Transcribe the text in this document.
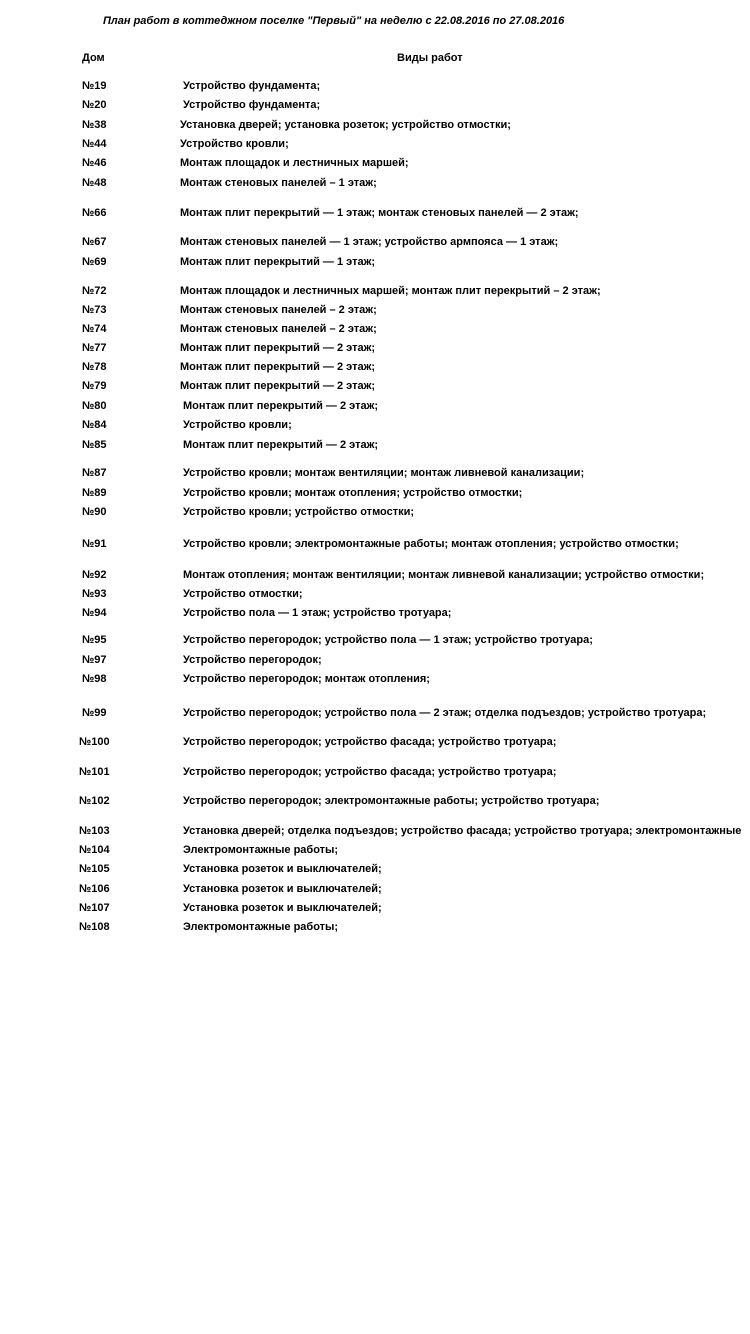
План работ в коттеджном поселке "Первый" на неделю с 22.08.2016 по 27.08.2016
Дом	Виды работ
№19	Устройство фундамента;
№20	Устройство фундамента;
№38	Установка дверей; установка розеток; устройство отмостки;
№44	Устройство кровли;
№46	Монтаж площадок и лестничных маршей;
№48	Монтаж стеновых панелей – 1 этаж;
№66	Монтаж плит перекрытий — 1 этаж; монтаж стеновых панелей — 2 этаж;
№67	Монтаж стеновых панелей — 1 этаж; устройство армпояса — 1 этаж;
№69	Монтаж плит перекрытий — 1 этаж;
№72	Монтаж площадок и лестничных маршей; монтаж плит перекрытий – 2 этаж;
№73	Монтаж стеновых панелей – 2 этаж;
№74	Монтаж стеновых панелей – 2 этаж;
№77	Монтаж плит перекрытий — 2 этаж;
№78	Монтаж плит перекрытий — 2 этаж;
№79	Монтаж плит перекрытий — 2 этаж;
№80	Монтаж плит перекрытий — 2 этаж;
№84	Устройство кровли;
№85	Монтаж плит перекрытий — 2 этаж;
№87	Устройство кровли; монтаж вентиляции; монтаж ливневой канализации;
№89	Устройство кровли; монтаж отопления; устройство отмостки;
№90	Устройство кровли; устройство отмостки;
№91	Устройство кровли; электромонтажные работы; монтаж отопления; устройство отмостки;
№92	Монтаж отопления; монтаж вентиляции; монтаж ливневой канализации; устройство отмостки;
№93	Устройство отмостки;
№94	Устройство пола — 1 этаж; устройство тротуара;
№95	Устройство перегородок; устройство пола — 1 этаж; устройство тротуара;
№97	Устройство перегородок;
№98	Устройство перегородок; монтаж отопления;
№99	Устройство перегородок; устройство пола — 2 этаж; отделка подъездов; устройство тротуара;
№100	Устройство перегородок; устройство фасада; устройство тротуара;
№101	Устройство перегородок; устройство фасада; устройство тротуара;
№102	Устройство перегородок; электромонтажные работы; устройство тротуара;
№103	Установка дверей; отделка подъездов; устройство фасада; устройство тротуара; электромонтажные
№104	Электромонтажные работы;
№105	Установка розеток и выключателей;
№106	Установка розеток и выключателей;
№107	Установка розеток и выключателей;
№108	Электромонтажные работы;
